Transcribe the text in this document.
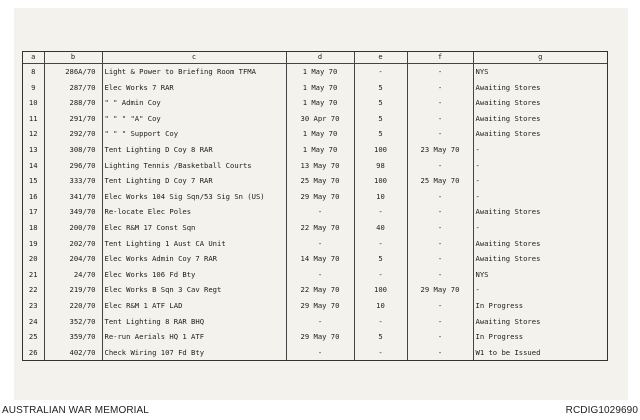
a	b	c	d	e	f	g
8	286A/70	Light & Power to Briefing Room TFMA	1 May 70	-	-	NYS
9	287/70	Elec Works 7 RAR	1 May 70	5	-	Awaiting Stores
10	288/70	" " Admin Coy	1 May 70	5	-	Awaiting Stores
11	291/70	" " " "A" Coy	30 Apr 70	5	-	Awaiting Stores
12	292/70	" " " Support Coy	1 May 70	5	-	Awaiting Stores
13	308/70	Tent Lighting D Coy 8 RAR	1 May 70	100	23 May 70	-
14	296/70	Lighting Tennis /Basketball Courts	13 May 70	98	-	-
15	333/70	Tent Lighting D Coy 7 RAR	25 May 70	100	25 May 70	-
16	341/70	Elec Works 104 Sig Sqn/53 Sig Sn (US)	29 May 70	10	-	-
17	349/70	Re-locate Elec Poles	-	-	-	Awaiting Stores
18	200/70	Elec R&M 17 Const Sqn	22 May 70	40	-	-
19	202/70	Tent Lighting 1 Aust CA Unit	-	-	-	Awaiting Stores
20	204/70	Elec Works Admin Coy 7 RAR	14 May 70	5	-	Awaiting Stores
21	24/70	Elec Works 106 Fd Bty	-	-	-	NYS
22	219/70	Elec Works B Sqn 3 Cav Regt	22 May 70	100	29 May 70	-
23	220/70	Elec R&M 1 ATF LAD	29 May 70	10	-	In Progress
24	352/70	Tent Lighting 8 RAR BHQ	-	-	-	Awaiting Stores
25	359/70	Re-run Aerials HQ 1 ATF	29 May 70	5	-	In Progress
26	402/70	Check Wiring 107 Fd Bty	-	-	-	W1 to be Issued
AUSTRALIAN WAR MEMORIAL	RCDIG1029690
